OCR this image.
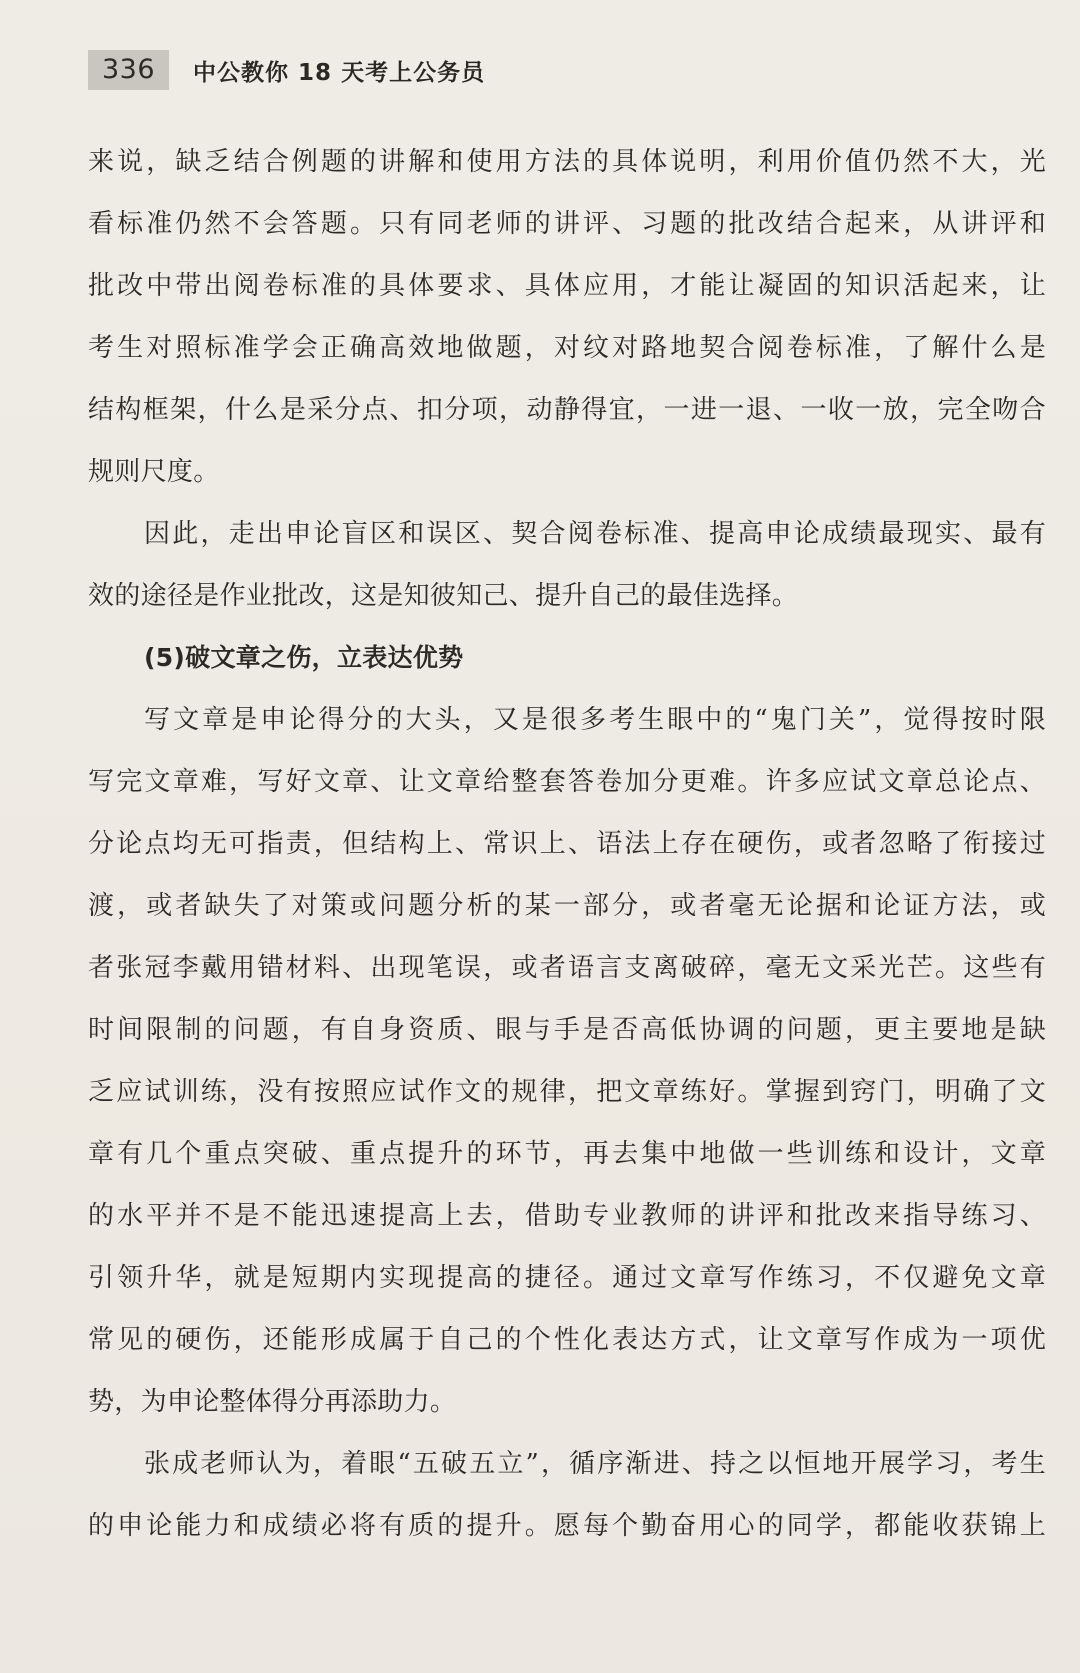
336	中公教你 18 天考上公务员
来说，缺乏结合例题的讲解和使用方法的具体说明，利用价值仍然不大，光
看标准仍然不会答题。只有同老师的讲评、习题的批改结合起来，从讲评和
批改中带出阅卷标准的具体要求、具体应用，才能让凝固的知识活起来，让
考生对照标准学会正确高效地做题，对纹对路地契合阅卷标准，了解什么是
结构框架，什么是采分点、扣分项，动静得宜，一进一退、一收一放，完全吻合
规则尺度。
因此，走出申论盲区和误区、契合阅卷标准、提高申论成绩最现实、最有
效的途径是作业批改，这是知彼知己、提升自己的最佳选择。
(5)破文章之伤，立表达优势
写文章是申论得分的大头，又是很多考生眼中的“鬼门关”，觉得按时限
写完文章难，写好文章、让文章给整套答卷加分更难。许多应试文章总论点、
分论点均无可指责，但结构上、常识上、语法上存在硬伤，或者忽略了衔接过
渡，或者缺失了对策或问题分析的某一部分，或者毫无论据和论证方法，或
者张冠李戴用错材料、出现笔误，或者语言支离破碎，毫无文采光芒。这些有
时间限制的问题，有自身资质、眼与手是否高低协调的问题，更主要地是缺
乏应试训练，没有按照应试作文的规律，把文章练好。掌握到窍门，明确了文
章有几个重点突破、重点提升的环节，再去集中地做一些训练和设计，文章
的水平并不是不能迅速提高上去，借助专业教师的讲评和批改来指导练习、
引领升华，就是短期内实现提高的捷径。通过文章写作练习，不仅避免文章
常见的硬伤，还能形成属于自己的个性化表达方式，让文章写作成为一项优
势，为申论整体得分再添助力。
张成老师认为，着眼“五破五立”，循序渐进、持之以恒地开展学习，考生
的申论能力和成绩必将有质的提升。愿每个勤奋用心的同学，都能收获锦上
